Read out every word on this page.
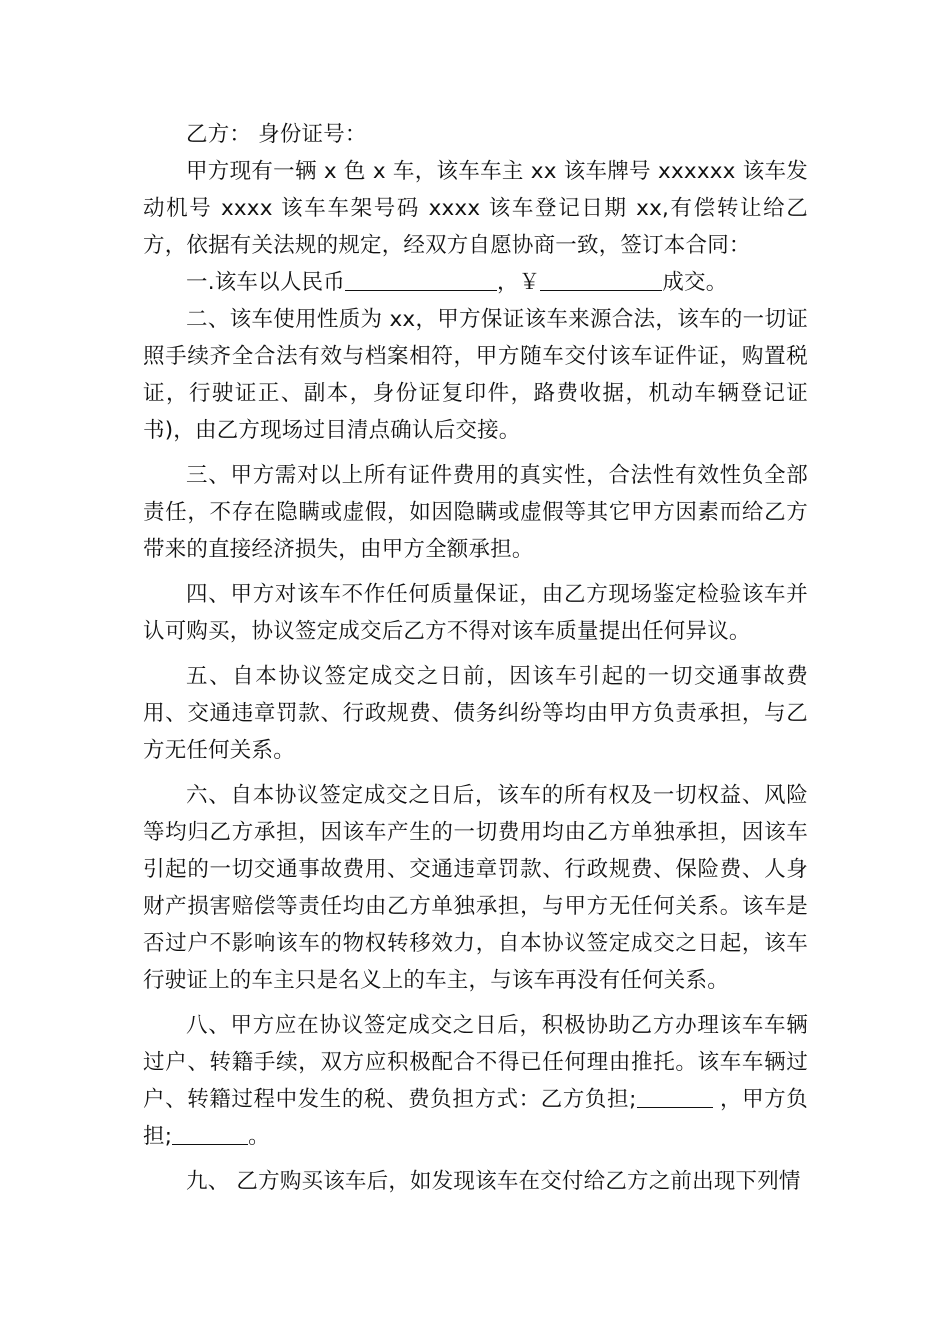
乙方： 身份证号：

甲方现有一辆 x 色 x 车，该车车主 xx 该车牌号 xxxxxx 该车发动机号 xxxx 该车车架号码 xxxx 该车登记日期 xx,有偿转让给乙方，依据有关法规的规定，经双方自愿协商一致，签订本合同：

一.该车以人民币	，￥	成交。

二、该车使用性质为 xx，甲方保证该车来源合法，该车的一切证照手续齐全合法有效与档案相符，甲方随车交付该车证件证，购置税证，行驶证正、副本，身份证复印件，路费收据，机动车辆登记证书)，由乙方现场过目清点确认后交接。

三、甲方需对以上所有证件费用的真实性，合法性有效性负全部责任，不存在隐瞒或虚假，如因隐瞒或虚假等其它甲方因素而给乙方带来的直接经济损失，由甲方全额承担。

四、甲方对该车不作任何质量保证，由乙方现场鉴定检验该车并认可购买，协议签定成交后乙方不得对该车质量提出任何异议。

五、自本协议签定成交之日前，因该车引起的一切交通事故费用、交通违章罚款、行政规费、债务纠纷等均由甲方负责承担，与乙方无任何关系。

六、自本协议签定成交之日后，该车的所有权及一切权益、风险等均归乙方承担，因该车产生的一切费用均由乙方单独承担，因该车引起的一切交通事故费用、交通违章罚款、行政规费、保险费、人身财产损害赔偿等责任均由乙方单独承担，与甲方无任何关系。该车是否过户不影响该车的物权转移效力，自本协议签定成交之日起，该车行驶证上的车主只是名义上的车主，与该车再没有任何关系。

八、甲方应在协议签定成交之日后，积极协助乙方办理该车车辆过户、转籍手续，双方应积极配合不得已任何理由推托。该车车辆过户、转籍过程中发生的税、费负担方式：乙方负担;	，甲方负担;	。

九、 乙方购买该车后，如发现该车在交付给乙方之前出现下列情
